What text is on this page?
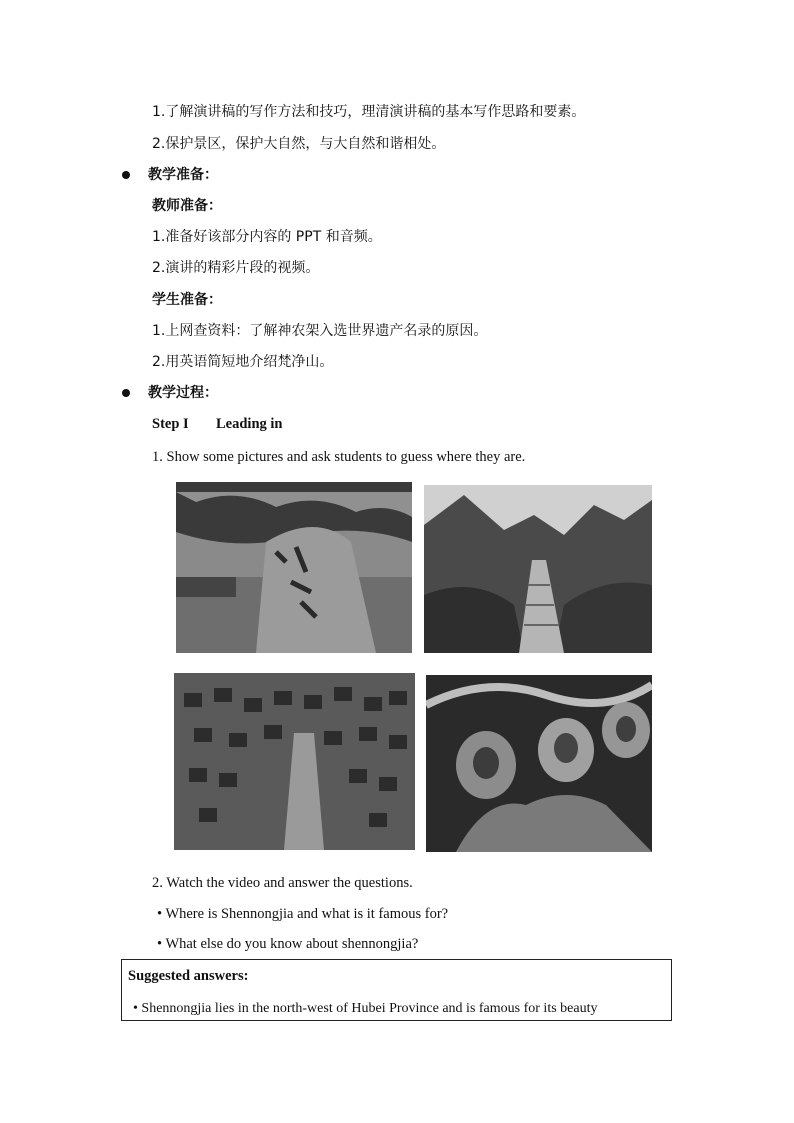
1.了解演讲稿的写作方法和技巧，理清演讲稿的基本写作思路和要素。
2.保护景区，保护大自然，与大自然和谐相处。
教学准备：
教师准备：
1.准备好该部分内容的 PPT 和音频。
2.演讲的精彩片段的视频。
学生准备：
1.上网查资料：了解神农架入选世界遗产名录的原因。
2.用英语简短地介绍梵净山。
教学过程：
Step I Leading in
1. Show some pictures and ask students to guess where they are.
2. Watch the video and answer the questions.
• Where is Shennongjia and what is it famous for?
• What else do you know about shennongjia?
Suggested answers:
• Shennongjia lies in the north-west of Hubei Province and is famous for its beauty
